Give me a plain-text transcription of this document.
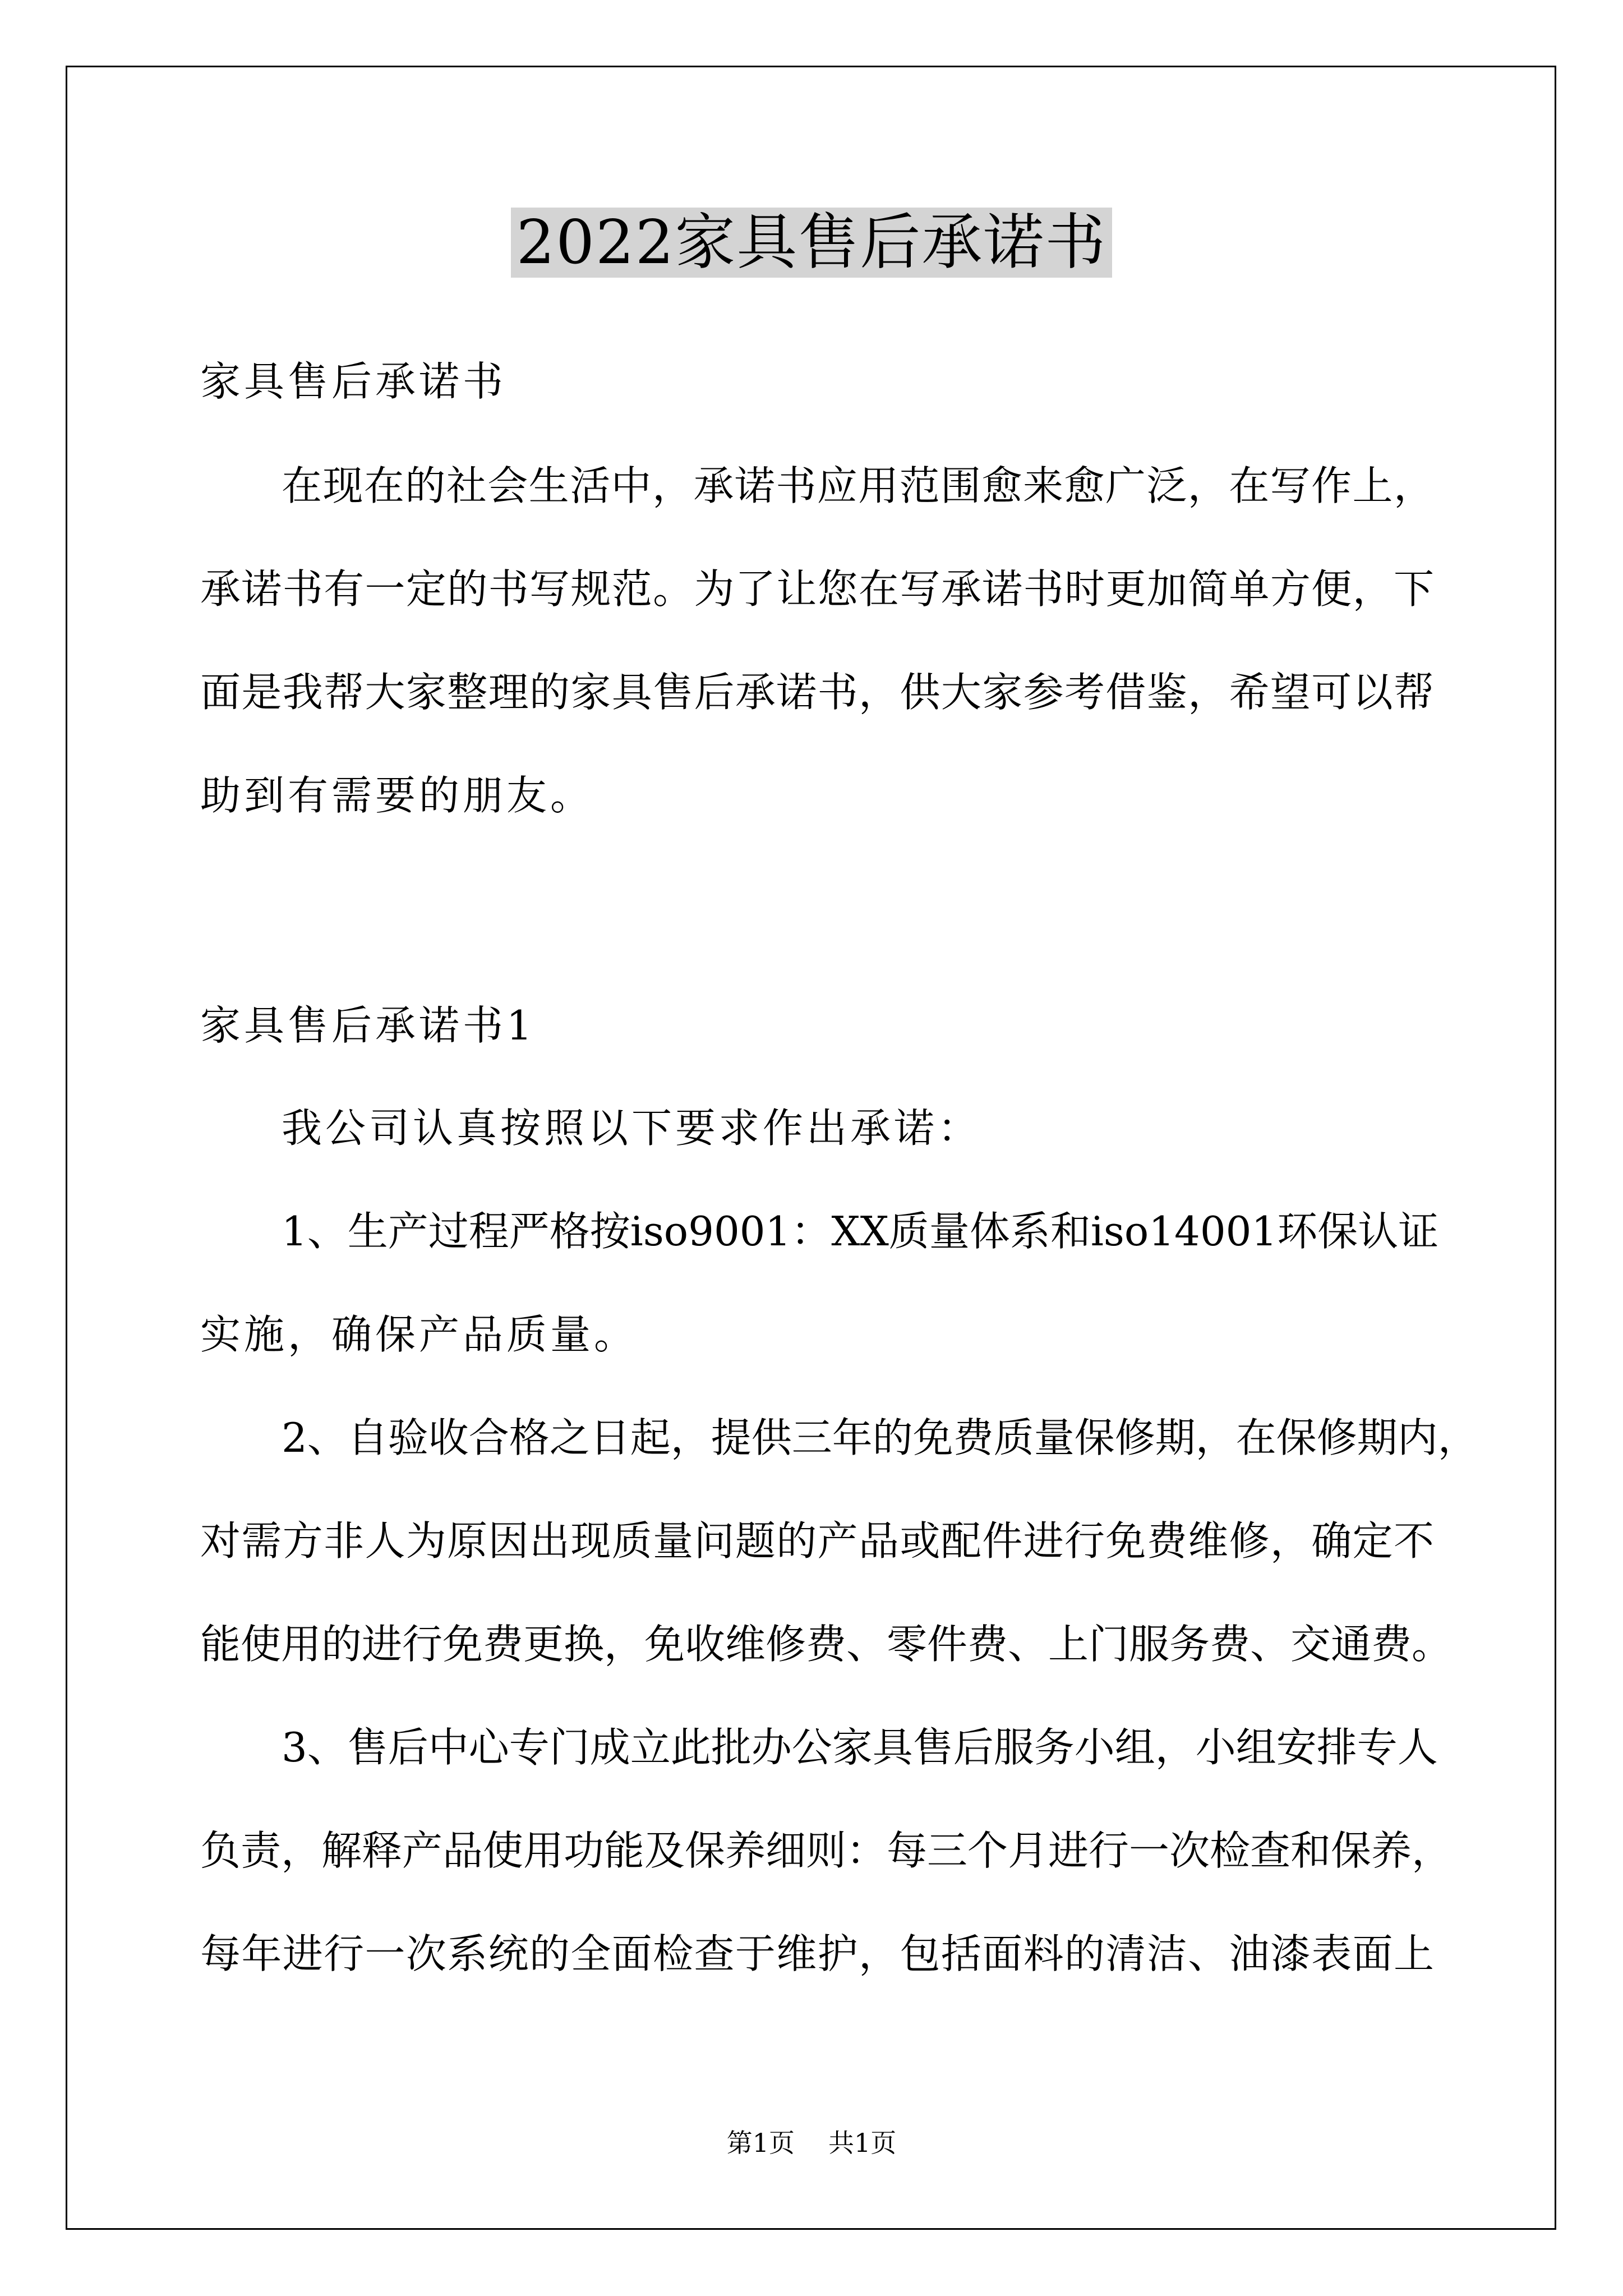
2022家具售后承诺书
家具售后承诺书
在现在的社会生活中，承诺书应用范围愈来愈广泛，在写作上，
承诺书有一定的书写规范。为了让您在写承诺书时更加简单方便，下
面是我帮大家整理的家具售后承诺书，供大家参考借鉴，希望可以帮
助到有需要的朋友。
家具售后承诺书1
我公司认真按照以下要求作出承诺：
1、生产过程严格按iso9001：XX质量体系和iso14001环保认证
实施，确保产品质量。
2、自验收合格之日起，提供三年的免费质量保修期，在保修期内，
对需方非人为原因出现质量问题的产品或配件进行免费维修，确定不
能使用的进行免费更换，免收维修费、零件费、上门服务费、交通费。
3、售后中心专门成立此批办公家具售后服务小组，小组安排专人
负责，解释产品使用功能及保养细则：每三个月进行一次检查和保养，
每年进行一次系统的全面检查于维护，包括面料的清洁、油漆表面上
第1页 共1页
